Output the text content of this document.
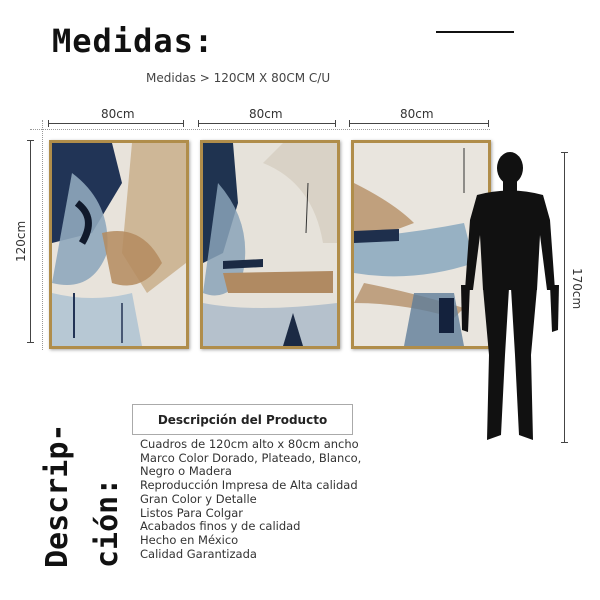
Medidas:
Medidas > 120CM X 80CM C/U
80cm	80cm	80cm
120cm
170cm
Descrip- ción:
Descripción del Producto
Cuadros de 120cm alto x 80cm ancho
Marco Color Dorado, Plateado, Blanco,
Negro o Madera
Reproducción Impresa de Alta calidad
Gran Color y Detalle
Listos Para Colgar
Acabados finos y de calidad
Hecho en México
Calidad Garantizada
